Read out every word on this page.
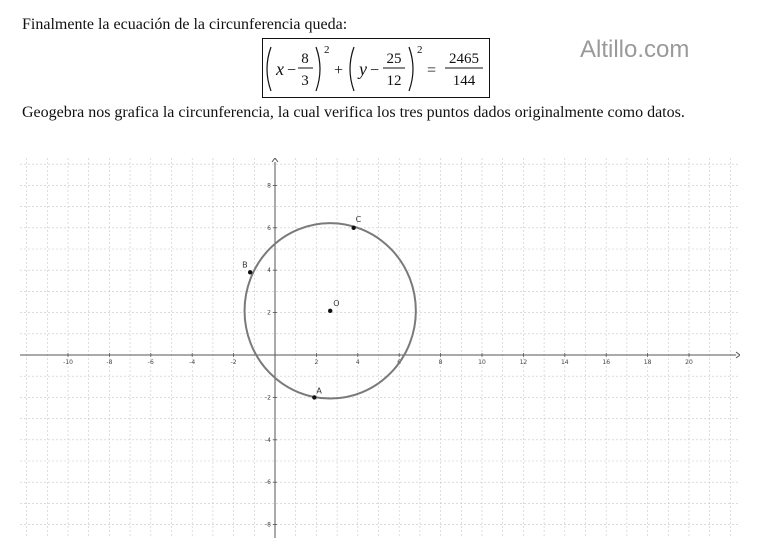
Finalmente la ecuación de la circunferencia queda:

x −
8
3
2
+ y −
25
12
2
=
2465
144

Altillo.com

Geogebra nos grafica la circunferencia, la cual verifica los tres puntos dados originalmente como datos.

-10	-8	-6	-4	-2	2	4	6	8	10	12	14	16	18	20
-8
-6
-4
-2
2
4
6
8
A
B
C
O
